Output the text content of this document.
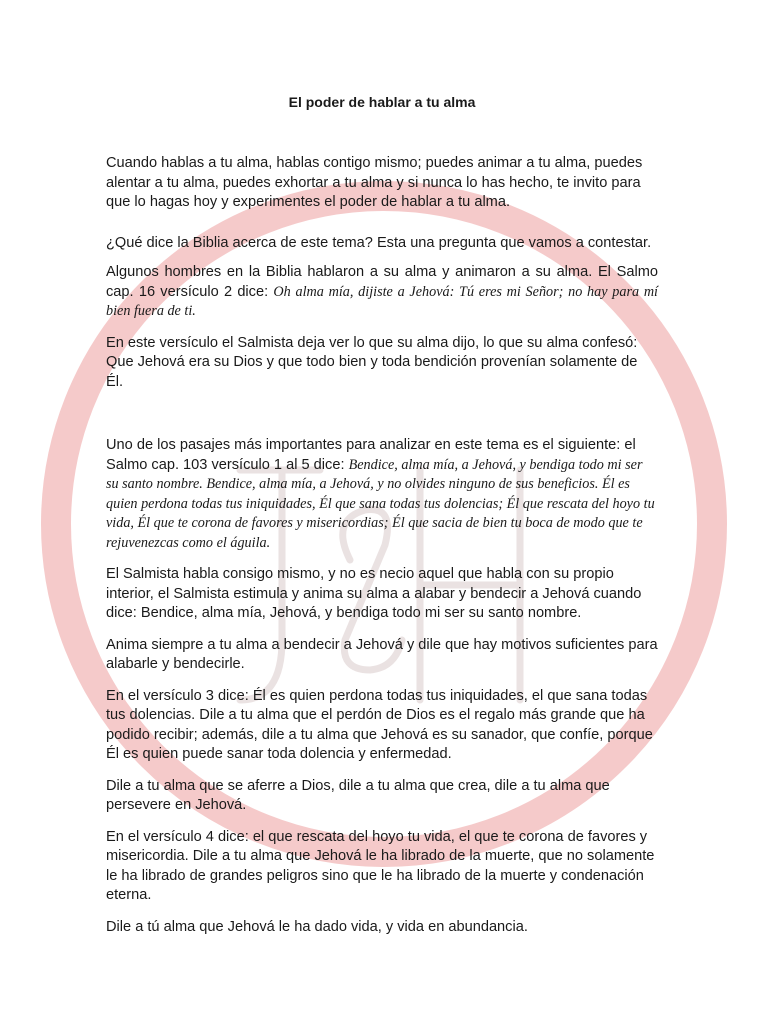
El poder de hablar a tu alma

Cuando hablas a tu alma, hablas contigo mismo; puedes animar a tu alma, puedes alentar a tu alma, puedes exhortar a tu alma y si nunca lo has hecho, te invito para que lo hagas hoy y experimentes el poder de hablar a tu alma.

¿Qué dice la Biblia acerca de este tema? Esta una pregunta que vamos a contestar.

Algunos hombres en la Biblia hablaron a su alma y animaron a su alma. El Salmo cap. 16 versículo 2 dice: Oh alma mía, dijiste a Jehová: Tú eres mi Señor; no hay para mí bien fuera de ti.

En este versículo el Salmista deja ver lo que su alma dijo, lo que su alma confesó: Que Jehová era su Dios y que todo bien y toda bendición provenían solamente de Él.

Uno de los pasajes más importantes para analizar en este tema es el siguiente: el Salmo cap. 103 versículo 1 al 5 dice: Bendice, alma mía, a Jehová, y bendiga todo mi ser su santo nombre. Bendice, alma mía, a Jehová, y no olvides ninguno de sus beneficios. Él es quien perdona todas tus iniquidades, Él que sana todas tus dolencias; Él que rescata del hoyo tu vida, Él que te corona de favores y misericordias; Él que sacia de bien tu boca de modo que te rejuvenezcas como el águila.

El Salmista habla consigo mismo, y no es necio aquel que habla con su propio interior, el Salmista estimula y anima su alma a alabar y bendecir a Jehová cuando dice: Bendice, alma mía, Jehová, y bendiga todo mi ser su santo nombre.

Anima siempre a tu alma a bendecir a Jehová y dile que hay motivos suficientes para alabarle y bendecirle.

En el versículo 3 dice: Él es quien perdona todas tus iniquidades, el que sana todas tus dolencias. Dile a tu alma que el perdón de Dios es el regalo más grande que ha podido recibir; además, dile a tu alma que Jehová es su sanador, que confíe, porque Él es quien puede sanar toda dolencia y enfermedad.

Dile a tu alma que se aferre a Dios, dile a tu alma que crea, dile a tu alma que persevere en Jehová.

En el versículo 4 dice: el que rescata del hoyo tu vida, el que te corona de favores y misericordia. Dile a tu alma que Jehová le ha librado de la muerte, que no solamente le ha librado de grandes peligros sino que le ha librado de la muerte y condenación eterna.

Dile a tú alma que Jehová le ha dado vida, y vida en abundancia.
